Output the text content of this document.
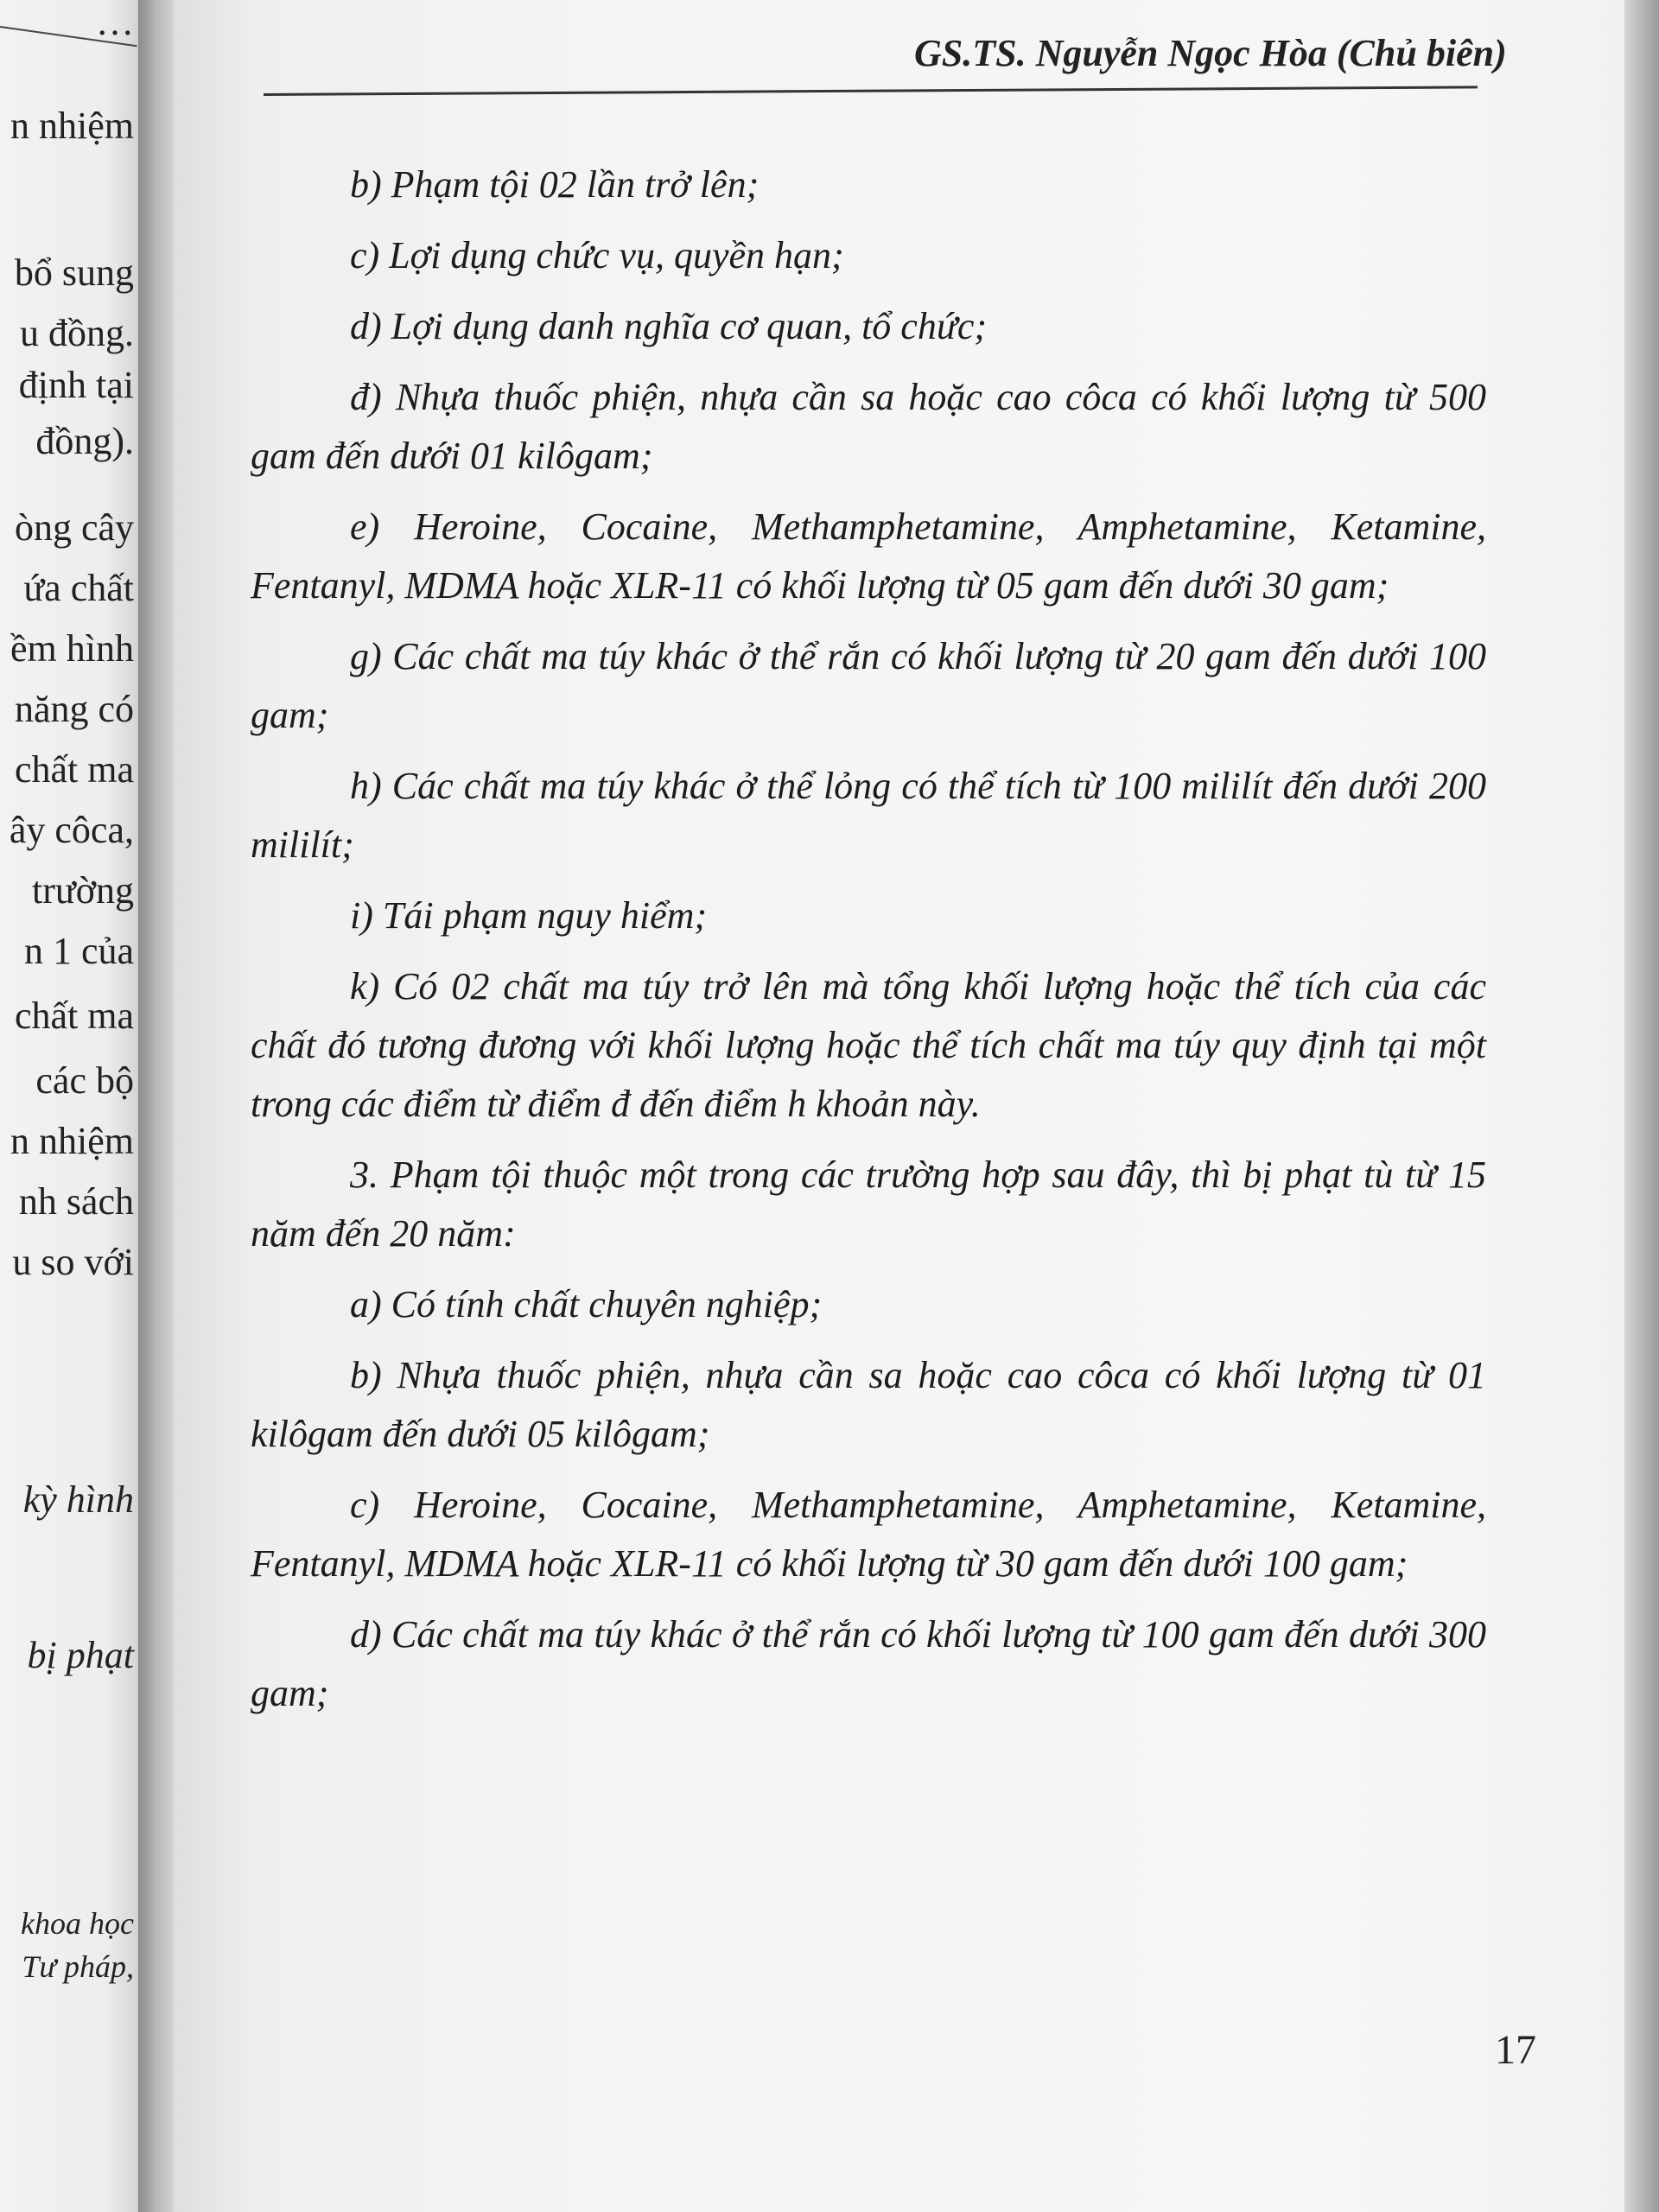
…
n nhiệm
bổ sung
u đồng.
định tại
đồng).
òng cây
ứa chất
ềm hình
năng có
chất ma
ây côca,
trường
n 1 của
chất ma
các bộ
n nhiệm
nh sách
u so với
kỳ hình
bị phạt
khoa học
Tư pháp,
GS.TS. Nguyễn Ngọc Hòa (Chủ biên)

b) Phạm tội 02 lần trở lên;

c) Lợi dụng chức vụ, quyền hạn;

d) Lợi dụng danh nghĩa cơ quan, tổ chức;

đ) Nhựa thuốc phiện, nhựa cần sa hoặc cao côca có khối lượng từ 500 gam đến dưới 01 kilôgam;

e) Heroine, Cocaine, Methamphetamine, Amphetamine, Ketamine, Fentanyl, MDMA hoặc XLR-11 có khối lượng từ 05 gam đến dưới 30 gam;

g) Các chất ma túy khác ở thể rắn có khối lượng từ 20 gam đến dưới 100 gam;

h) Các chất ma túy khác ở thể lỏng có thể tích từ 100 mililít đến dưới 200 mililít;

i) Tái phạm nguy hiểm;

k) Có 02 chất ma túy trở lên mà tổng khối lượng hoặc thể tích của các chất đó tương đương với khối lượng hoặc thể tích chất ma túy quy định tại một trong các điểm từ điểm đ đến điểm h khoản này.

3. Phạm tội thuộc một trong các trường hợp sau đây, thì bị phạt tù từ 15 năm đến 20 năm:

a) Có tính chất chuyên nghiệp;

b) Nhựa thuốc phiện, nhựa cần sa hoặc cao côca có khối lượng từ 01 kilôgam đến dưới 05 kilôgam;

c) Heroine, Cocaine, Methamphetamine, Amphetamine, Ketamine, Fentanyl, MDMA hoặc XLR-11 có khối lượng từ 30 gam đến dưới 100 gam;

d) Các chất ma túy khác ở thể rắn có khối lượng từ 100 gam đến dưới 300 gam;

17
